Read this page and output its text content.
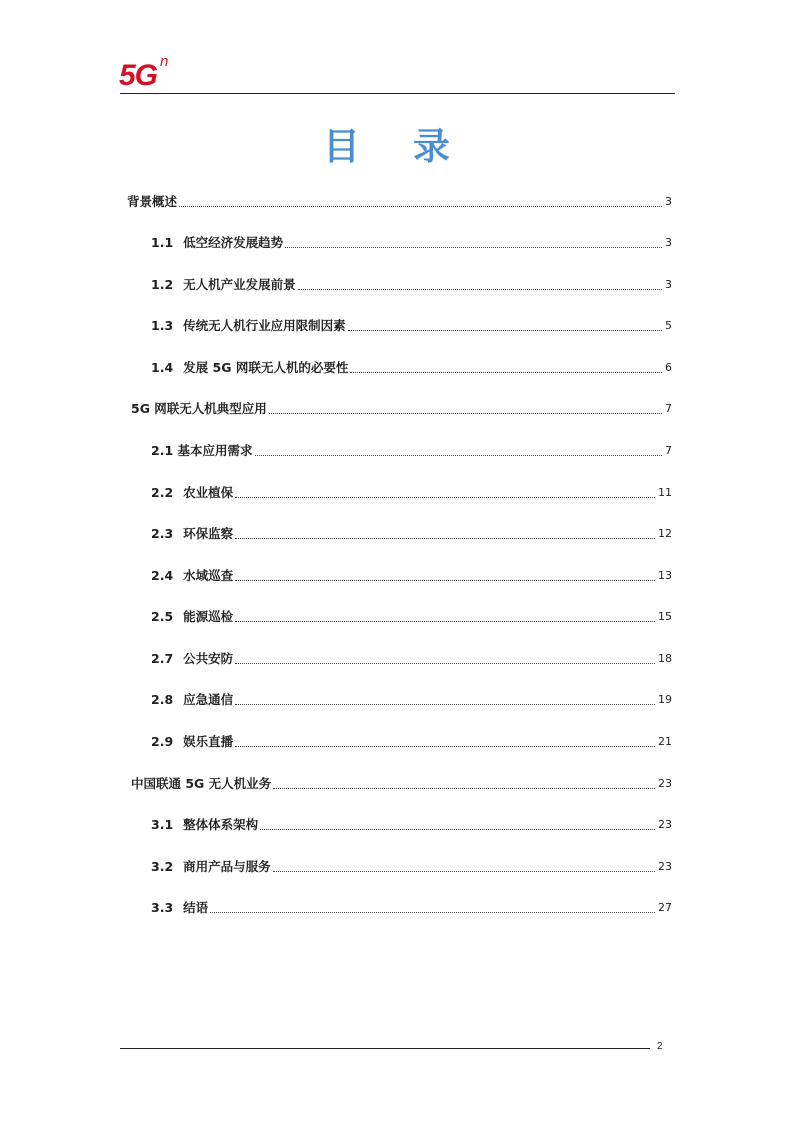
5G $^n$
目 录
背景概述	3
1.1 低空经济发展趋势	3
1.2 无人机产业发展前景	3
1.3 传统无人机行业应用限制因素	5
1.4 发展 5G 网联无人机的必要性	6
5G 网联无人机典型应用	7
2.1 基本应用需求	7
2.2 农业植保	11
2.3 环保监察	12
2.4 水域巡查	13
2.5 能源巡检	15
2.7 公共安防	18
2.8 应急通信	19
2.9 娱乐直播	21
中国联通 5G 无人机业务	23
3.1 整体体系架构	23
3.2 商用产品与服务	23
3.3 结语	27
2
